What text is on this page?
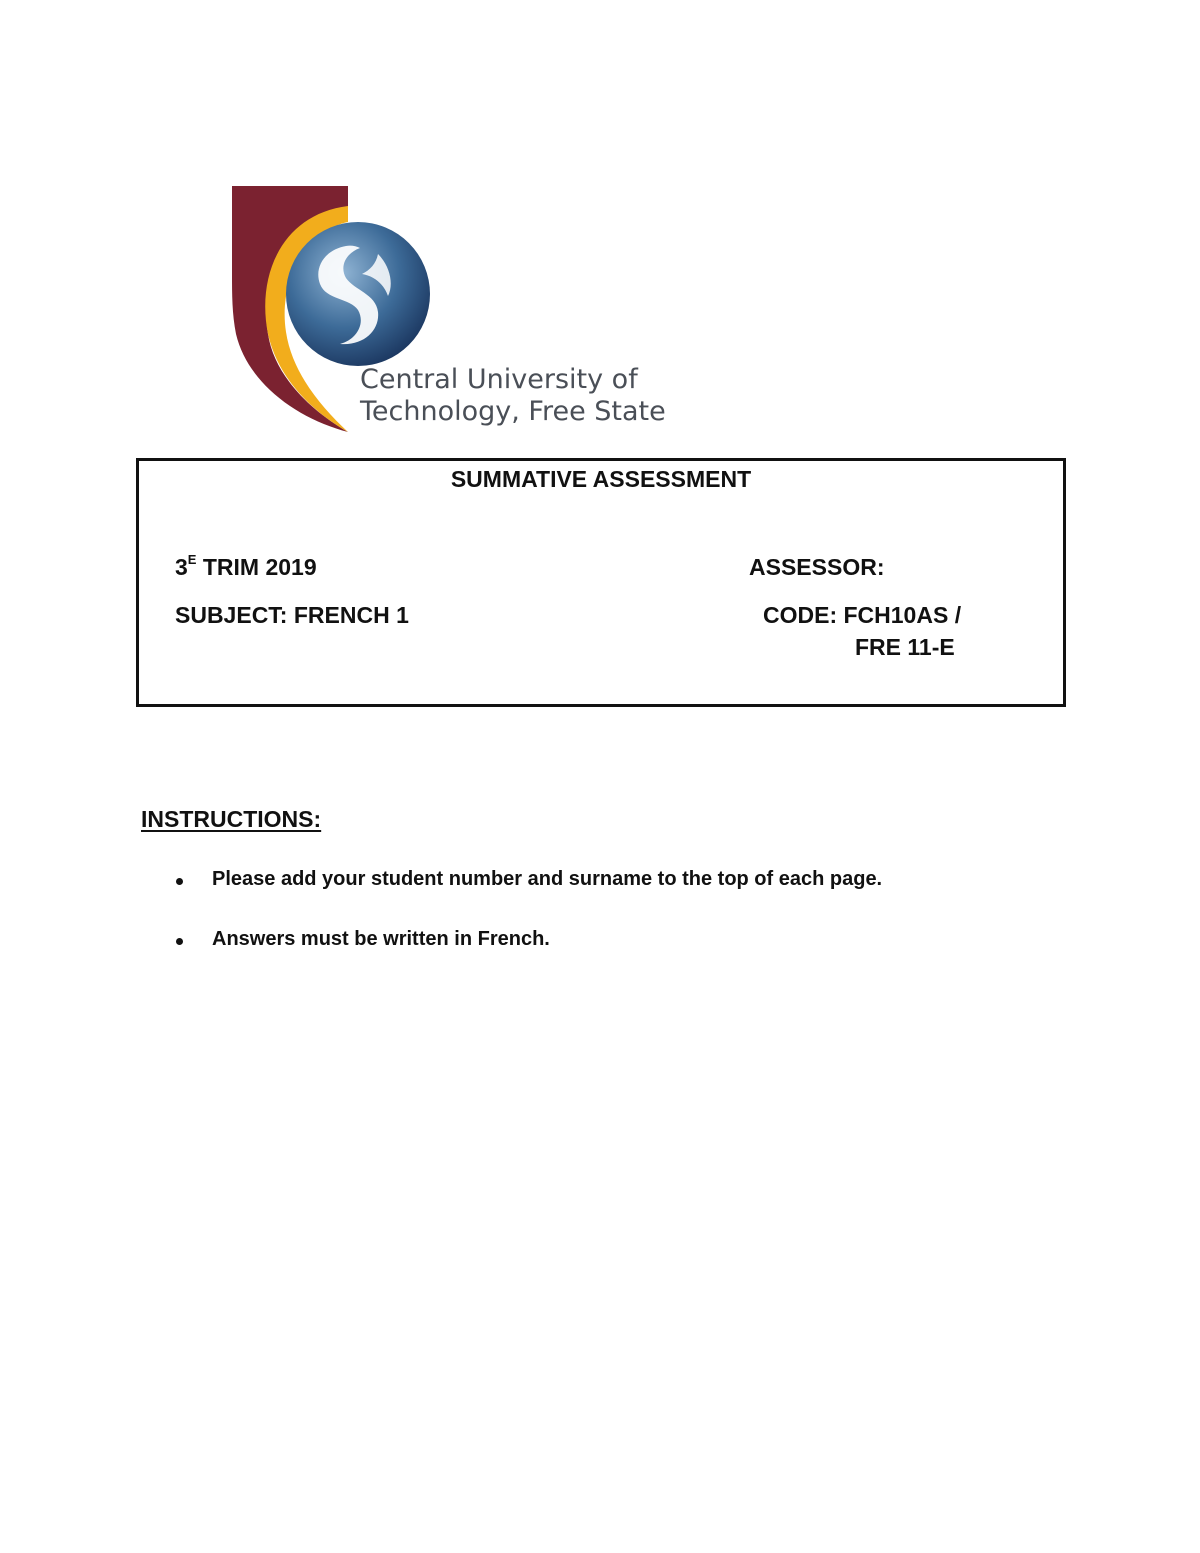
Central University of
Technology, Free State
SUMMATIVE ASSESSMENT
$3^E$ TRIM 2019	ASSESSOR:
SUBJECT: FRENCH 1	CODE: FCH10AS /
FRE 11-E
INSTRUCTIONS:
Please add your student number and surname to the top of each page.
Answers must be written in French.
